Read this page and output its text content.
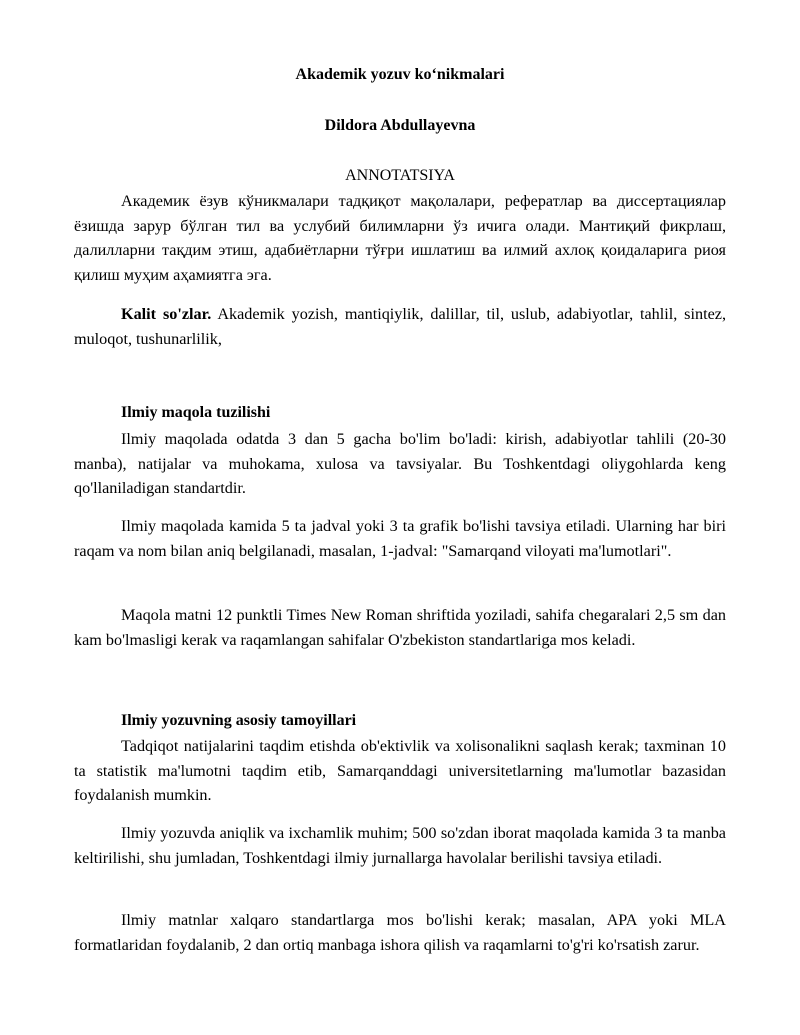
Akademik yozuv koʻnikmalari
Dildora Abdullayevna
ANNOTATSIYA
Академик ёзув кўникмалари тадқиқот мақолалари, рефератлар ва диссертациялар ёзишда зарур бўлган тил ва услубий билимларни ўз ичига олади. Мантиқий фикрлаш, далилларни тақдим этиш, адабиётларни тўғри ишлатиш ва илмий ахлоқ қоидаларига риоя қилиш муҳим аҳамиятга эга.
Kalit so'zlar. Akademik yozish, mantiqiylik, dalillar, til, uslub, adabiyotlar, tahlil, sintez, muloqot, tushunarlilik,
Ilmiy maqola tuzilishi
Ilmiy maqolada odatda 3 dan 5 gacha bo'lim bo'ladi: kirish, adabiyotlar tahlili (20-30 manba), natijalar va muhokama, xulosa va tavsiyalar. Bu Toshkentdagi oliygohlarda keng qo'llaniladigan standartdir.
Ilmiy maqolada kamida 5 ta jadval yoki 3 ta grafik bo'lishi tavsiya etiladi. Ularning har biri raqam va nom bilan aniq belgilanadi, masalan, 1-jadval: "Samarqand viloyati ma'lumotlari".
Maqola matni 12 punktli Times New Roman shriftida yoziladi, sahifa chegaralari 2,5 sm dan kam bo'lmasligi kerak va raqamlangan sahifalar O'zbekiston standartlariga mos keladi.
Ilmiy yozuvning asosiy tamoyillari
Tadqiqot natijalarini taqdim etishda ob'ektivlik va xolisonalikni saqlash kerak; taxminan 10 ta statistik ma'lumotni taqdim etib, Samarqanddagi universitetlarning ma'lumotlar bazasidan foydalanish mumkin.
Ilmiy yozuvda aniqlik va ixchamlik muhim; 500 so'zdan iborat maqolada kamida 3 ta manba keltirilishi, shu jumladan, Toshkentdagi ilmiy jurnallarga havolalar berilishi tavsiya etiladi.
Ilmiy matnlar xalqaro standartlarga mos bo'lishi kerak; masalan, APA yoki MLA formatlaridan foydalanib, 2 dan ortiq manbaga ishora qilish va raqamlarni to'g'ri ko'rsatish zarur.
